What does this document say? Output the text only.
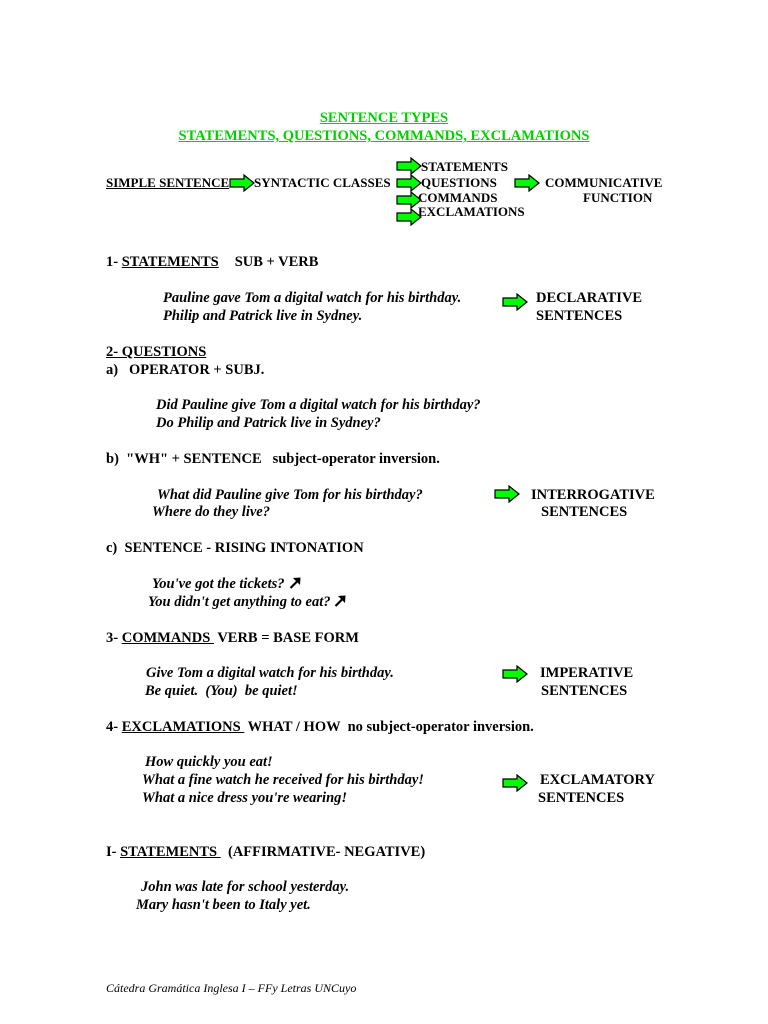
SENTENCE TYPES
STATEMENTS, QUESTIONS, COMMANDS, EXCLAMATIONS
SIMPLE SENTENCE SYNTACTIC CLASSES
STATEMENTS
QUESTIONS
COMMANDS
EXCLAMATIONS
COMMUNICATIVE
FUNCTION
1- STATEMENTS SUB + VERB
Pauline gave Tom a digital watch for his birthday.
Philip and Patrick live in Sydney.
DECLARATIVE
SENTENCES
2- QUESTIONS
a)   OPERATOR + SUBJ.
Did Pauline give Tom a digital watch for his birthday?
Do Philip and Patrick live in Sydney?
b)  "WH" + SENTENCE   subject-operator inversion.
What did Pauline give Tom for his birthday?
Where do they live?
INTERROGATIVE
SENTENCES
c)  SENTENCE - RISING INTONATION
You've got the tickets?
You didn't get anything to eat?
3- COMMANDS  VERB = BASE FORM
Give Tom a digital watch for his birthday.
Be quiet.  (You)  be quiet!
IMPERATIVE
SENTENCES
4- EXCLAMATIONS  WHAT / HOW  no subject-operator inversion.
How quickly you eat!
What a fine watch he received for his birthday!
What a nice dress you're wearing!
EXCLAMATORY
SENTENCES
I- STATEMENTS   (AFFIRMATIVE- NEGATIVE)
John was late for school yesterday.
Mary hasn't been to Italy yet.
Cátedra Gramática Inglesa I – FFy Letras UNCuyo
